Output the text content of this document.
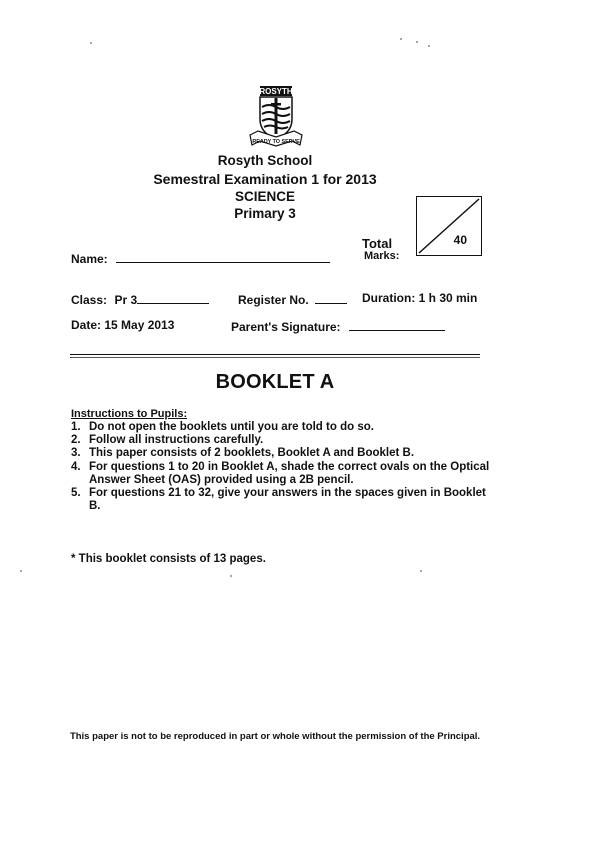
ROSYTH
READY TO SERVE
Rosyth School
Semestral Examination 1 for 2013
SCIENCE
Primary 3
Total
Marks:
40
Name:
Class: Pr 3	Register No.	Duration: 1 h 30 min
Date: 15 May 2013	Parent's Signature:
BOOKLET A
Instructions to Pupils:
1. Do not open the booklets until you are told to do so.
2. Follow all instructions carefully.
3. This paper consists of 2 booklets, Booklet A and Booklet B.
4. For questions 1 to 20 in Booklet A, shade the correct ovals on the Optical Answer Sheet (OAS) provided using a 2B pencil.
5. For questions 21 to 32, give your answers in the spaces given in Booklet B.
* This booklet consists of 13 pages.
This paper is not to be reproduced in part or whole without the permission of the Principal.
